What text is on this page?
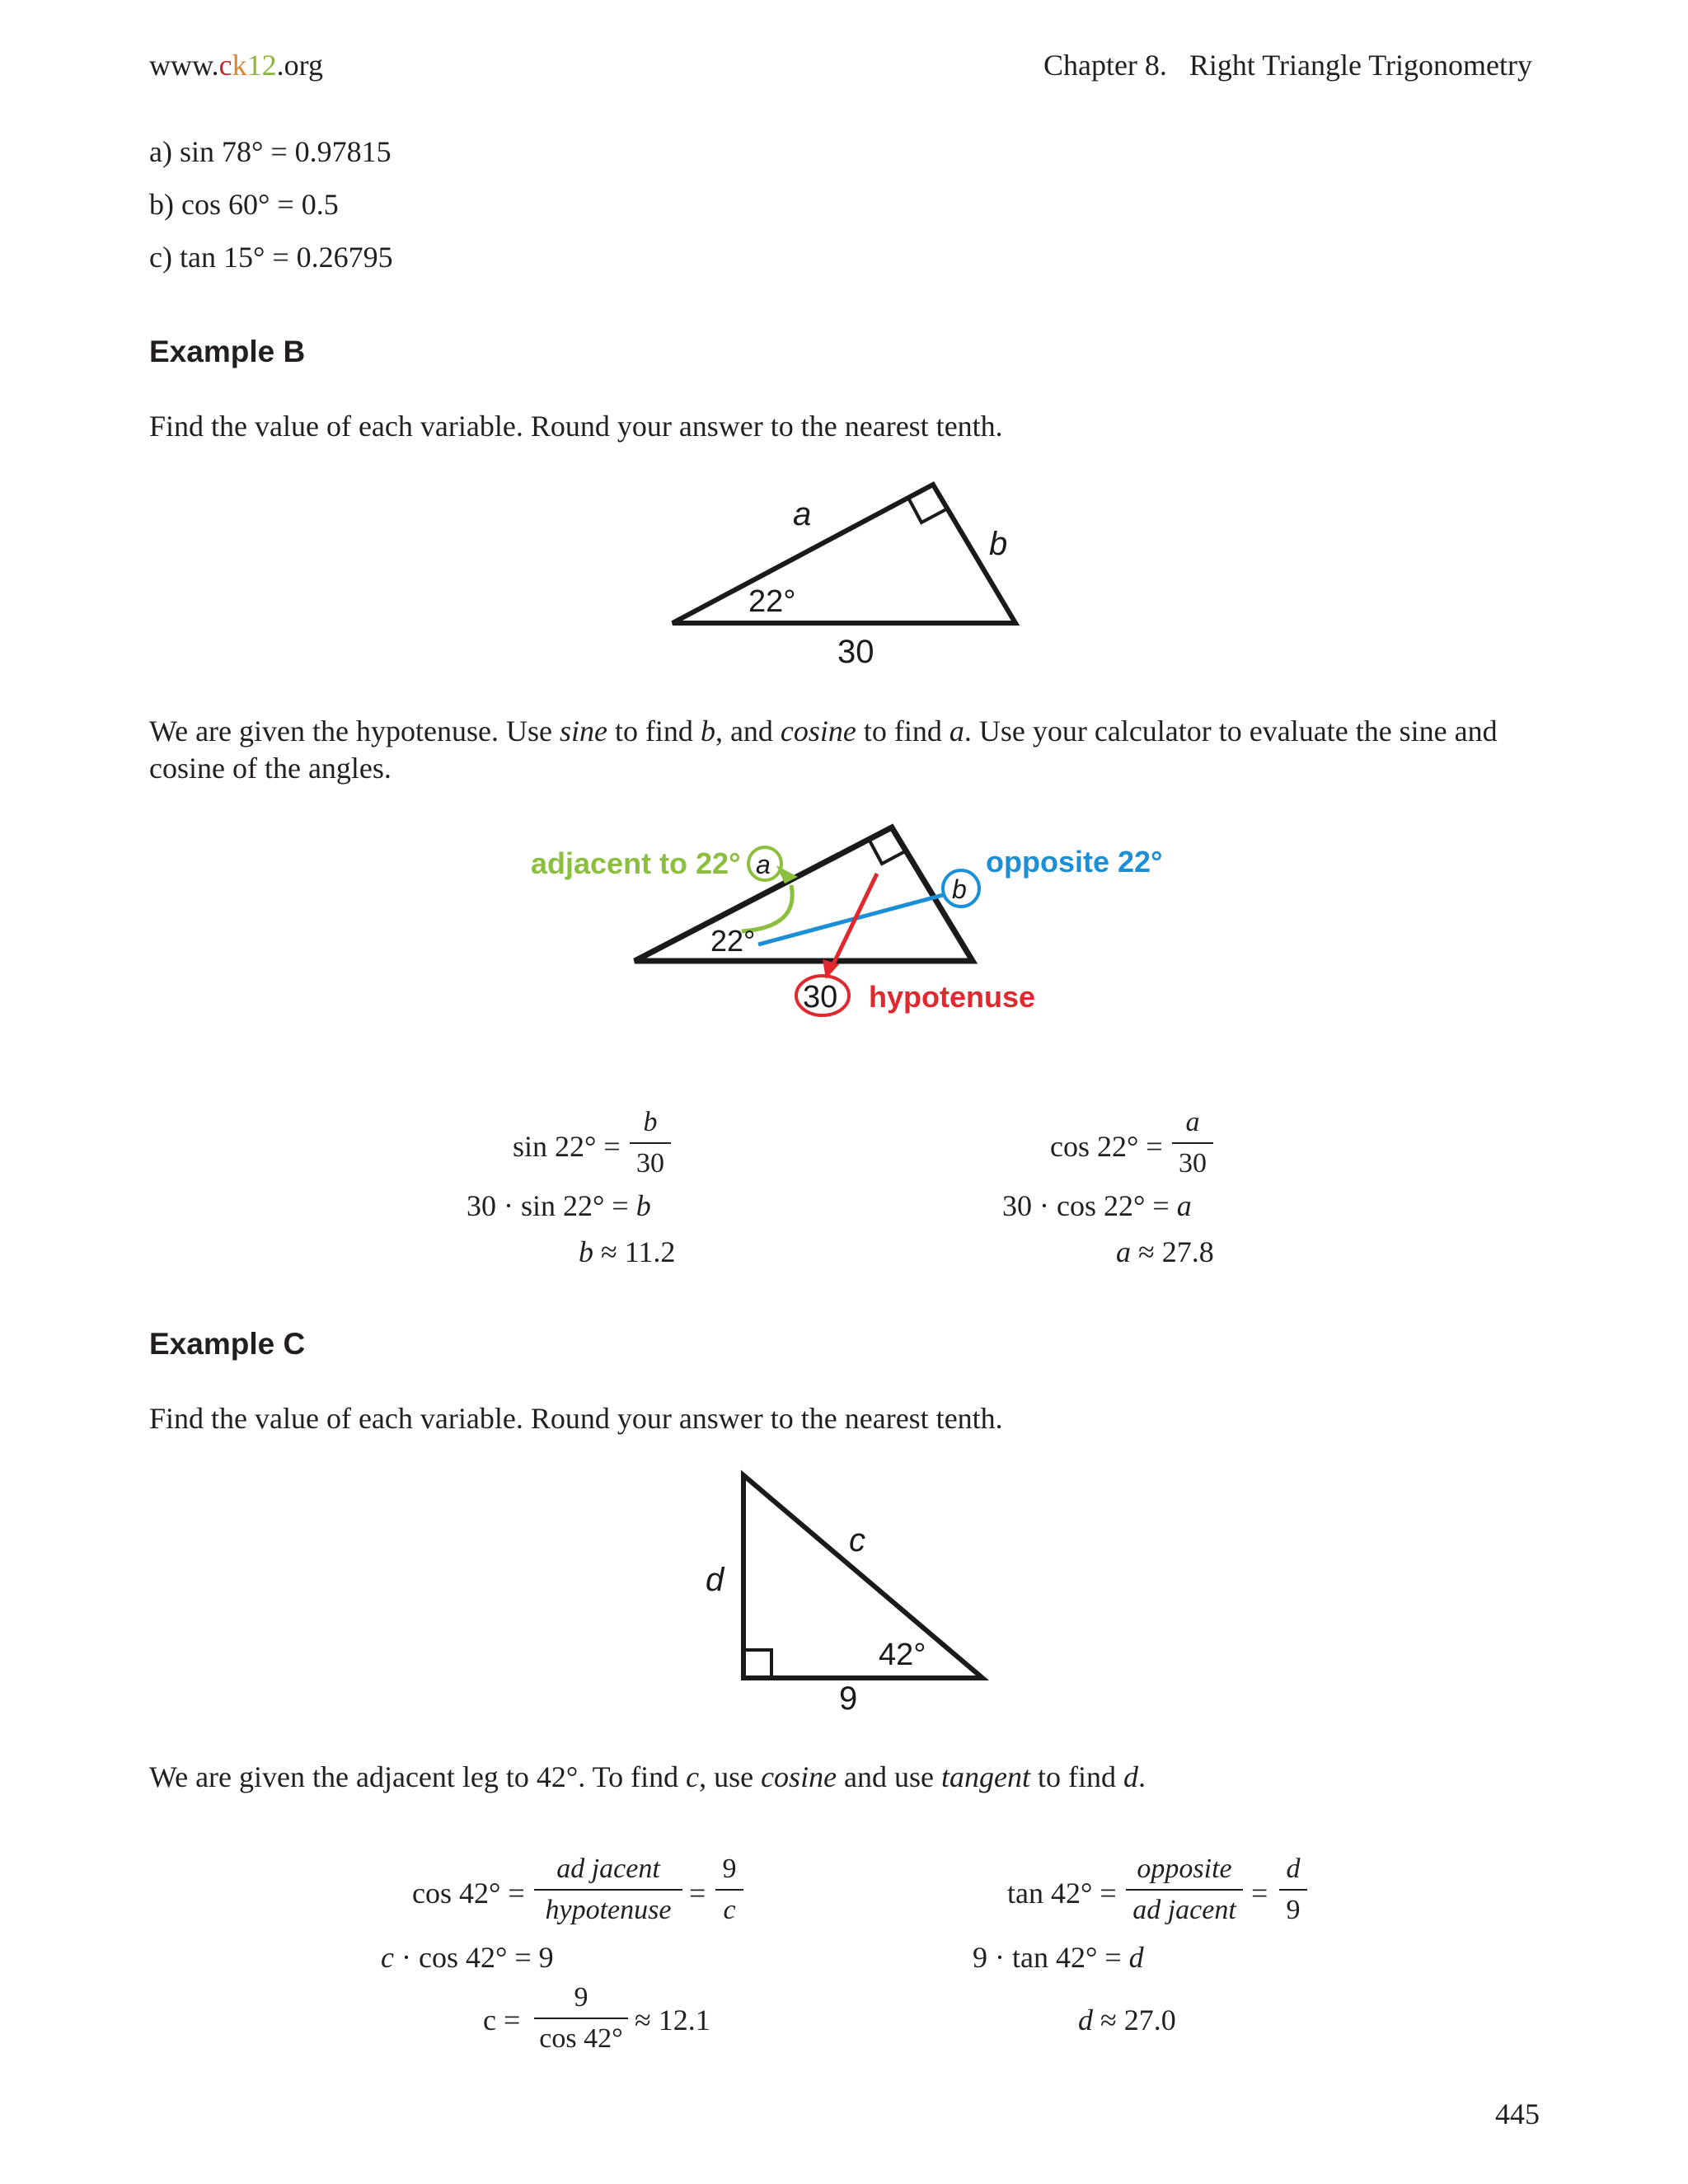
www.ck12.org	Chapter 8. Right Triangle Trigonometry
a) sin 78° = 0.97815
b) cos 60° = 0.5
c) tan 15° = 0.26795
Example B
Find the value of each variable. Round your answer to the nearest tenth.
a
b
22°
30
We are given the hypotenuse. Use sine to find b, and cosine to find a. Use your calculator to evaluate the sine and
cosine of the angles.
a
adjacent to 22°
b
opposite 22°
30 hypotenuse
22°
sin 22° =
b
30
30 · sin 22° = b
b ≈ 11.2
cos 22° =
a
30
30 · cos 22° = a
a ≈ 27.8
Example C
Find the value of each variable. Round your answer to the nearest tenth.
c
d
42°
9
We are given the adjacent leg to 42°. To find c, use cosine and use tangent to find d.
cos 42° =
ad jacent
hypotenuse
=
9
c
c · cos 42° = 9
c =
9
cos 42°
≈ 12.1
tan 42° =
opposite
ad jacent
=
d
9
9 · tan 42° = d
d ≈ 27.0
445
